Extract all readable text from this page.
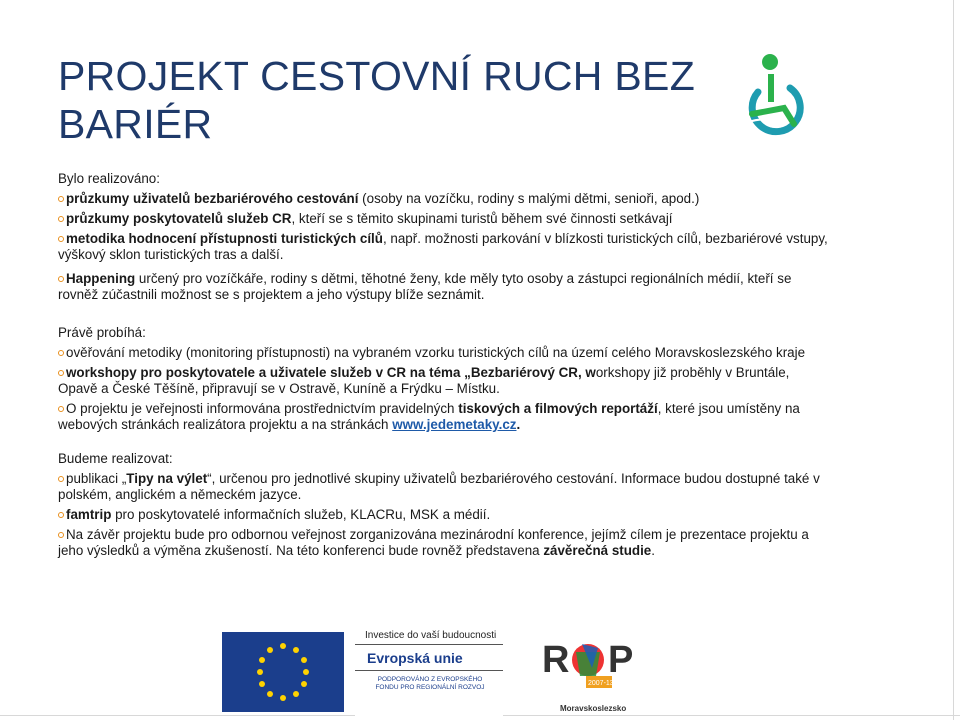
PROJEKT CESTOVNÍ RUCH BEZ BARIÉR
Bylo realizováno:
průzkumy uživatelů bezbariérového cestování (osoby na vozíčku, rodiny s malými dětmi, senioři, apod.)
průzkumy poskytovatelů služeb CR, kteří se s těmito skupinami turistů během své činnosti setkávají
metodika hodnocení přístupnosti turistických cílů, např. možnosti parkování v blízkosti turistických cílů, bezbariérové vstupy, výškový sklon turistických tras a další.
Happening určený pro vozíčkáře, rodiny s dětmi, těhotné ženy, kde měly tyto osoby a zástupci regionálních médií, kteří se rovněž zúčastnili možnost se s projektem a jeho výstupy blíže seznámit.
Právě probíhá:
ověřování metodiky (monitoring přístupnosti) na vybraném vzorku turistických cílů na území celého Moravskoslezského kraje
workshopy pro poskytovatele a uživatele služeb v CR na téma „Bezbariérový CR, workshopy již proběhly v Bruntále, Opavě a České Těšíně, připravují se v Ostravě, Kuníně a Frýdku – Místku.
O projektu je veřejnosti informována prostřednictvím pravidelných tiskových a filmových reportáží, které jsou umístěny na webových stránkách realizátora projektu a na stránkách www.jedemetaky.cz.
Budeme realizovat:
publikaci „Tipy na výlet“, určenou pro jednotlivé skupiny uživatelů bezbariérového cestování. Informace budou dostupné také v polském, anglickém a německém jazyce.
famtrip pro poskytovatelé informačních služeb, KLACRu, MSK a médií.
Na závěr projektu bude pro odbornou veřejnost zorganizována mezinárodní konference, jejímž cílem je prezentace projektu a jeho výsledků a výměna zkušeností. Na této konferenci bude rovněž představena závěrečná studie.
Investice do vaší budoucnosti
Evropská unie
PODPOROVÁNO Z EVROPSKÉHO FONDU PRO REGIONÁLNÍ ROZVOJ
R
2007-13
P
Moravskoslezsko
